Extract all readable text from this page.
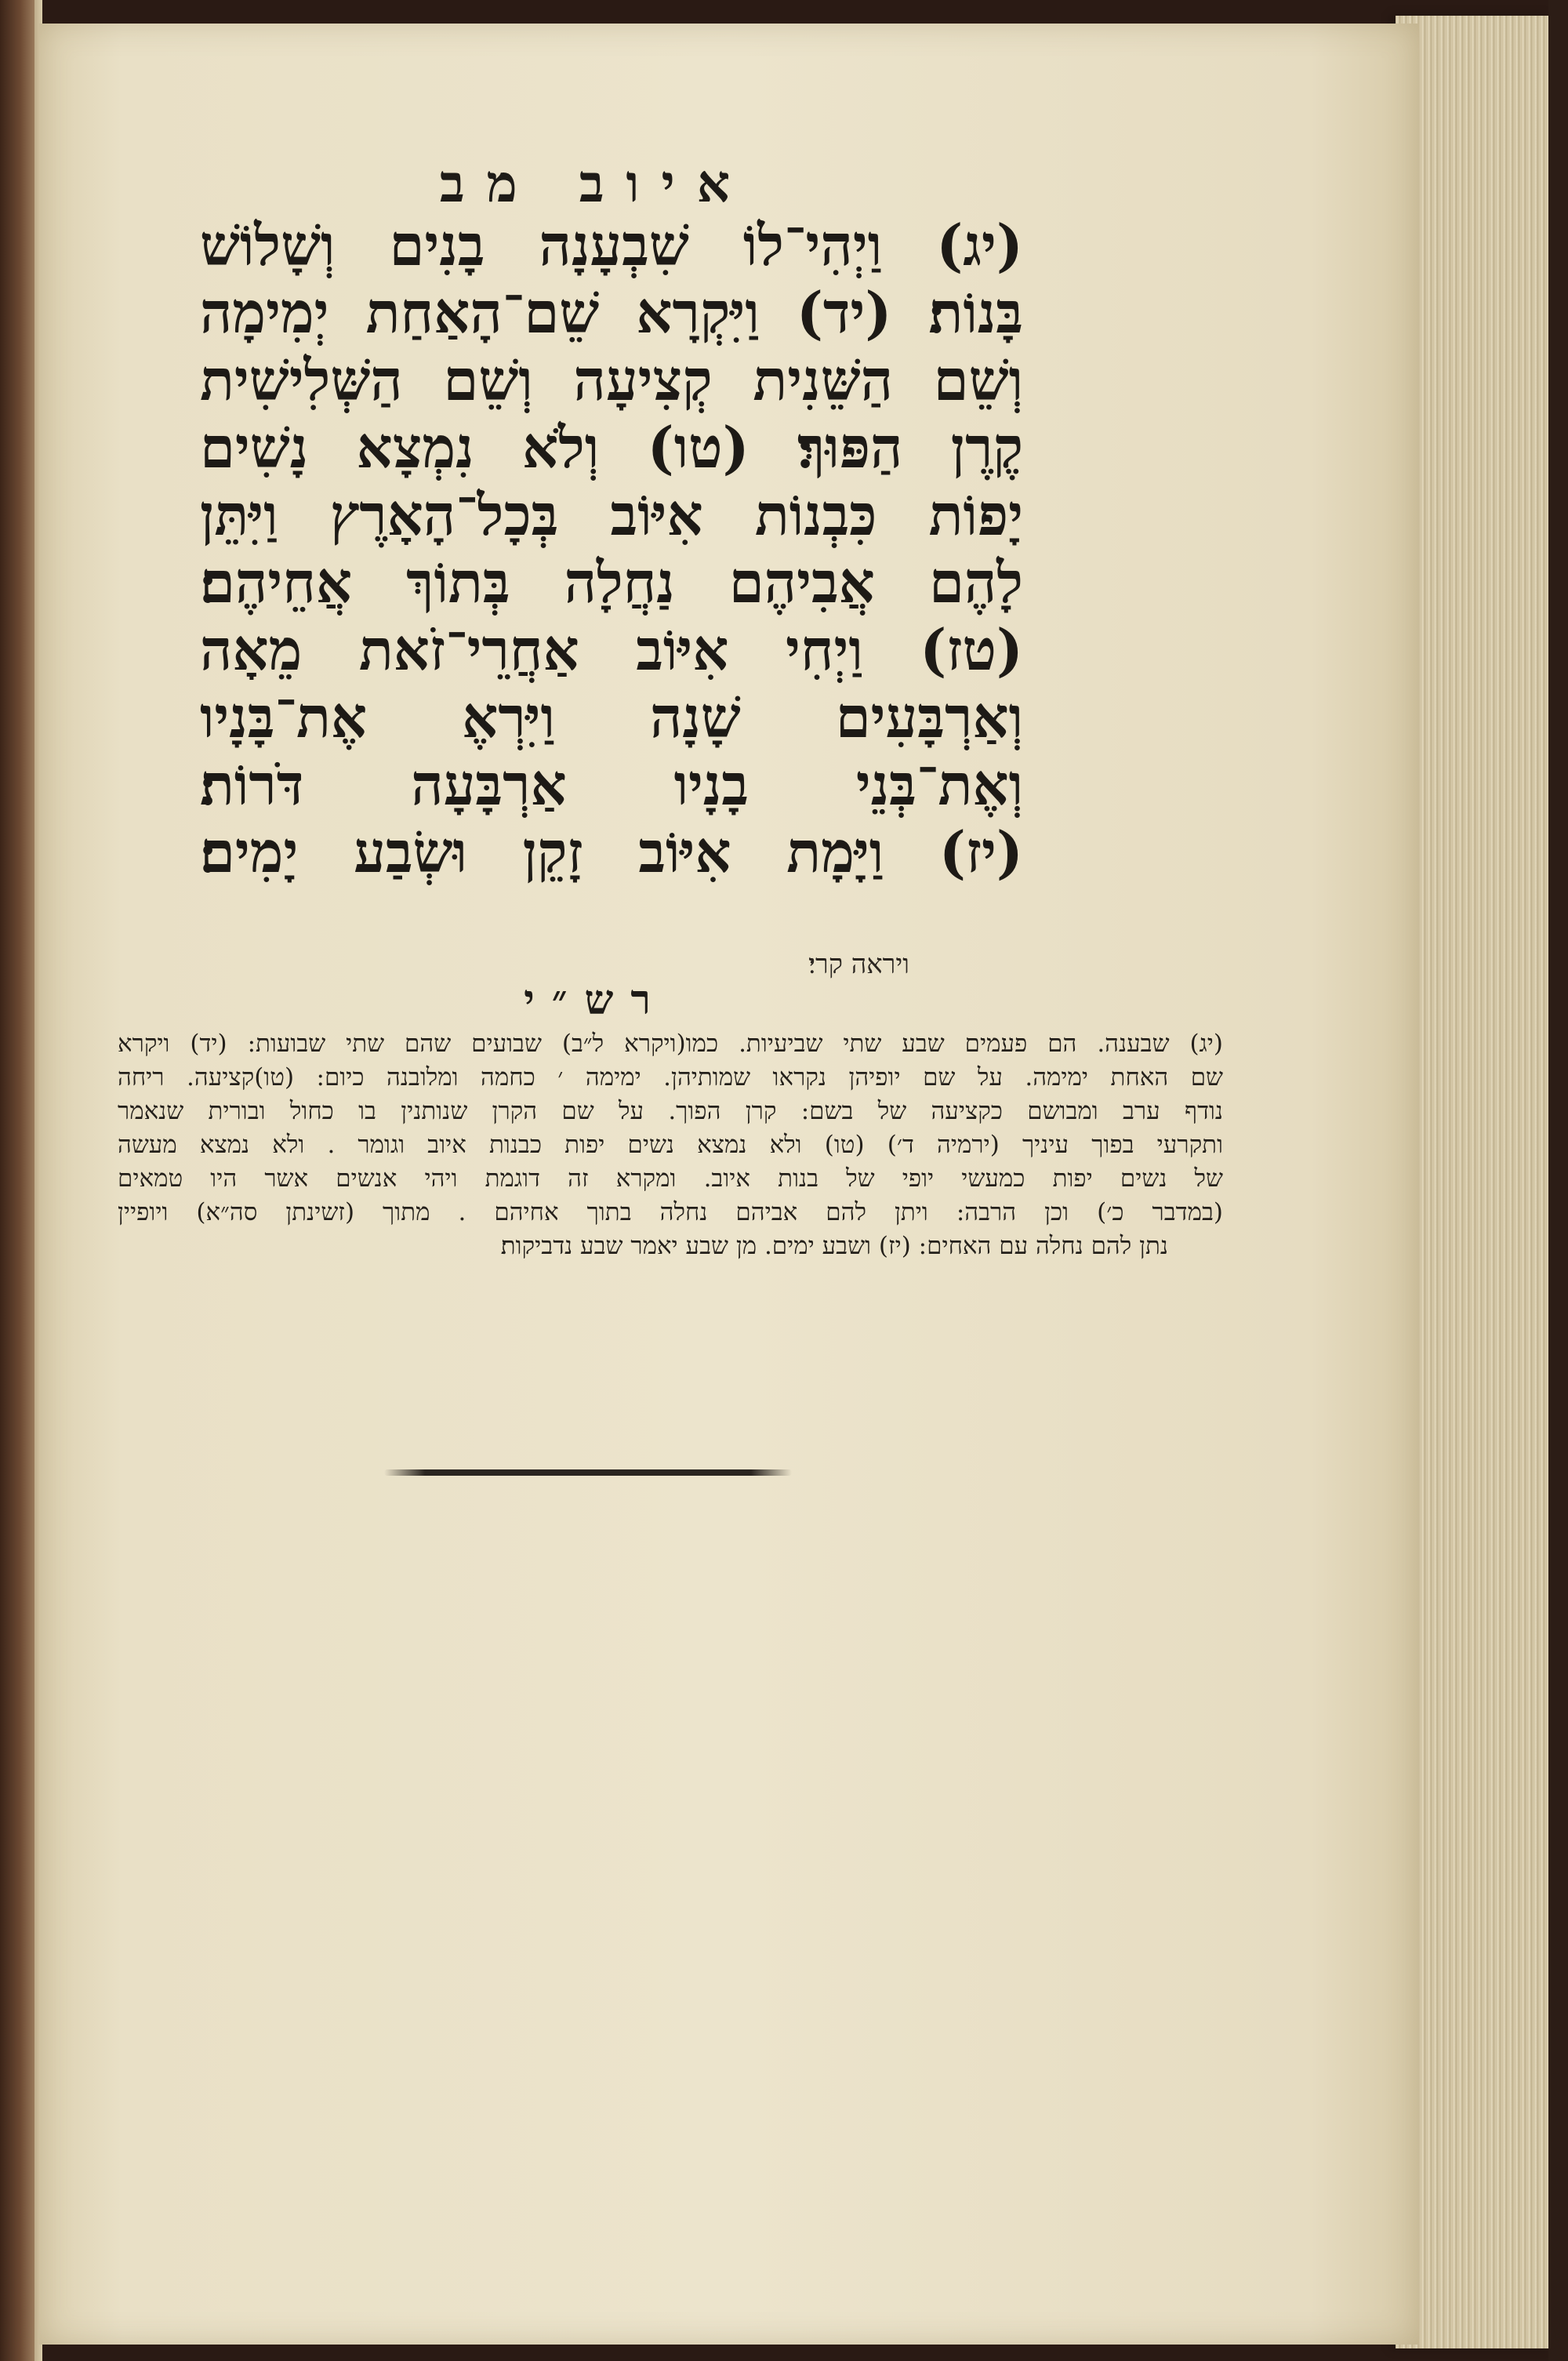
איוב מב
(יג) וַיְהִי־לוֹ שִׁבְעָנָה בָנִים וְשָׁלוֹשׁ
בָּנוֹת׃ (יד) וַיִּקְרָא שֵׁם־הָאַחַת יְמִימָה
וְשֵׁם הַשֵּׁנִית קְצִיעָה וְשֵׁם הַשְּׁלִישִׁית
קֶרֶן הַפּוּךְ׃ (טו) וְלֹא נִמְצָא נָשִׁים
יָפוֹת כִּבְנוֹת אִיּוֹב בְּכָל־הָאָרֶץ וַיִּתֵּן
לָהֶם אֲבִיהֶם נַחֲלָה בְּתוֹךְ אֲחֵיהֶם׃
(טז) וַיְחִי אִיּוֹב אַחֲרֵי־זֹאת מֵאָה
וְאַרְבָּעִים שָׁנָה וַיִּרְאֶ אֶת־בָּנָיו
וְאֶת־בְּנֵי בָנָיו אַרְבָּעָה דֹּרוֹת׃
(יז) וַיָּמָת אִיּוֹב זָקֵן וּשְׂבַע יָמִים׃
ויראה קרי׃
רש״י
(יג) שבענה. הם פעמים שבע שתי שביעיות. כמו(ויקרא ל״ב) שבועים שהם שתי שבועות: (יד) ויקרא
שם האחת ימימה. על שם יופיהן נקראו שמותיהן. ימימה ׳ כחמה ומלובנה כיום: (טו)קציעה. ריחה
נודף ערב ומבושם כקציעה של בשם: קרן הפוך. על שם הקרן שנותנין בו כחול ובורית שנאמר
ותקרעי בפוך עיניך (ירמיה ד׳) (טו) ולא נמצא נשים יפות כבנות איוב וגומר . ולא נמצא מעשה
של נשים יפות כמעשי יופי של בנות איוב. ומקרא זה דוגמת ויהי אנשים אשר היו טמאים
(במדבר כ׳) וכן הרבה: ויתן להם אביהם נחלה בתוך אחיהם . מתוך (זשינתן סה״א) ויופיין
נתן להם נחלה עם האחים: (יז) ושבע ימים. מן שבע יאמר שבע נדביקות׃
